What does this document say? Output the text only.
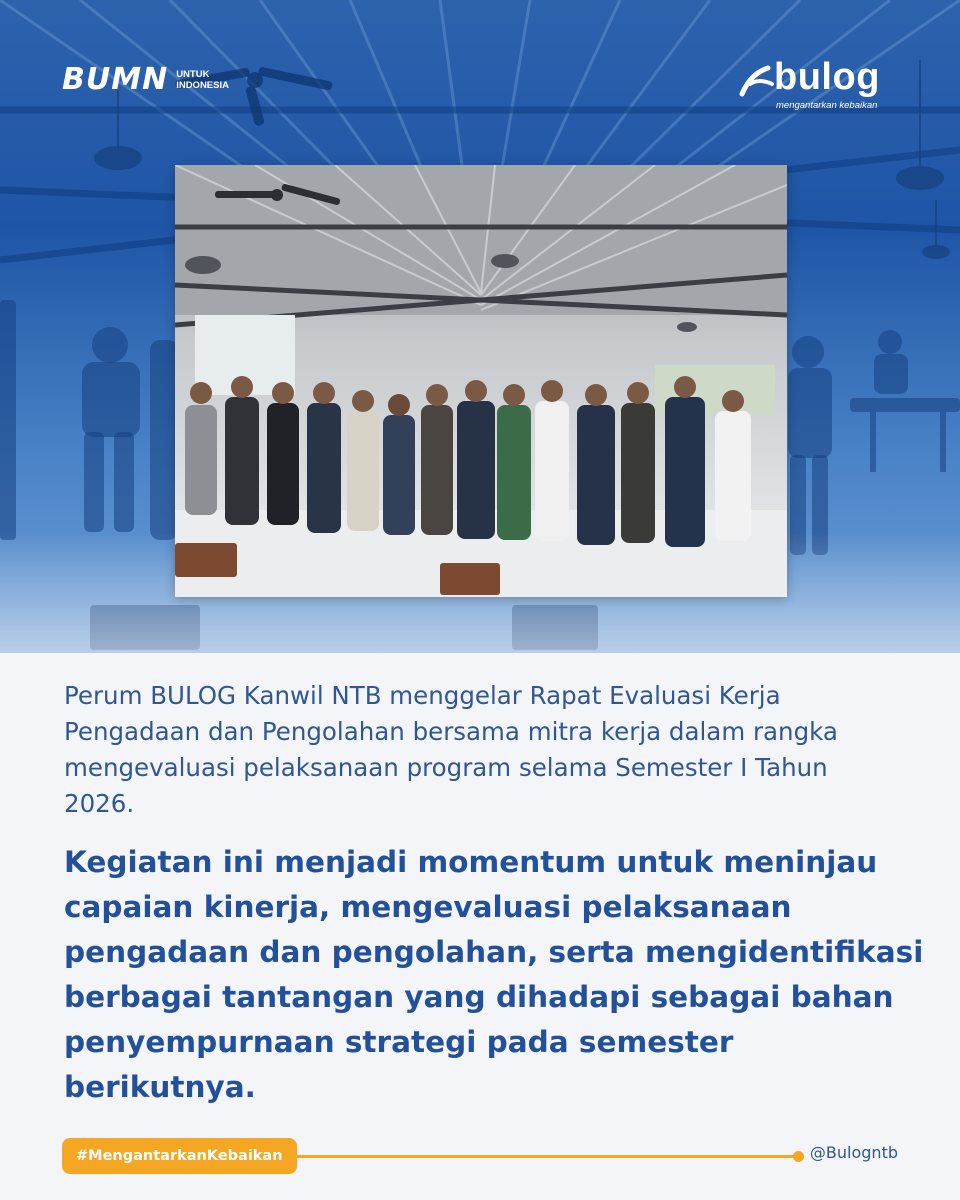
BUMN UNTUK
INDONESIA	bulog
mengantarkan kebaikan

Perum BULOG Kanwil NTB menggelar Rapat Evaluasi Kerja Pengadaan dan Pengolahan bersama mitra kerja dalam rangka mengevaluasi pelaksanaan program selama Semester I Tahun 2026.

Kegiatan ini menjadi momentum untuk meninjau capaian kinerja, mengevaluasi pelaksanaan pengadaan dan pengolahan, serta mengidentifikasi berbagai tantangan yang dihadapi sebagai bahan penyempurnaan strategi pada semester berikutnya.

#MengantarkanKebaikan	@Bulogntb
